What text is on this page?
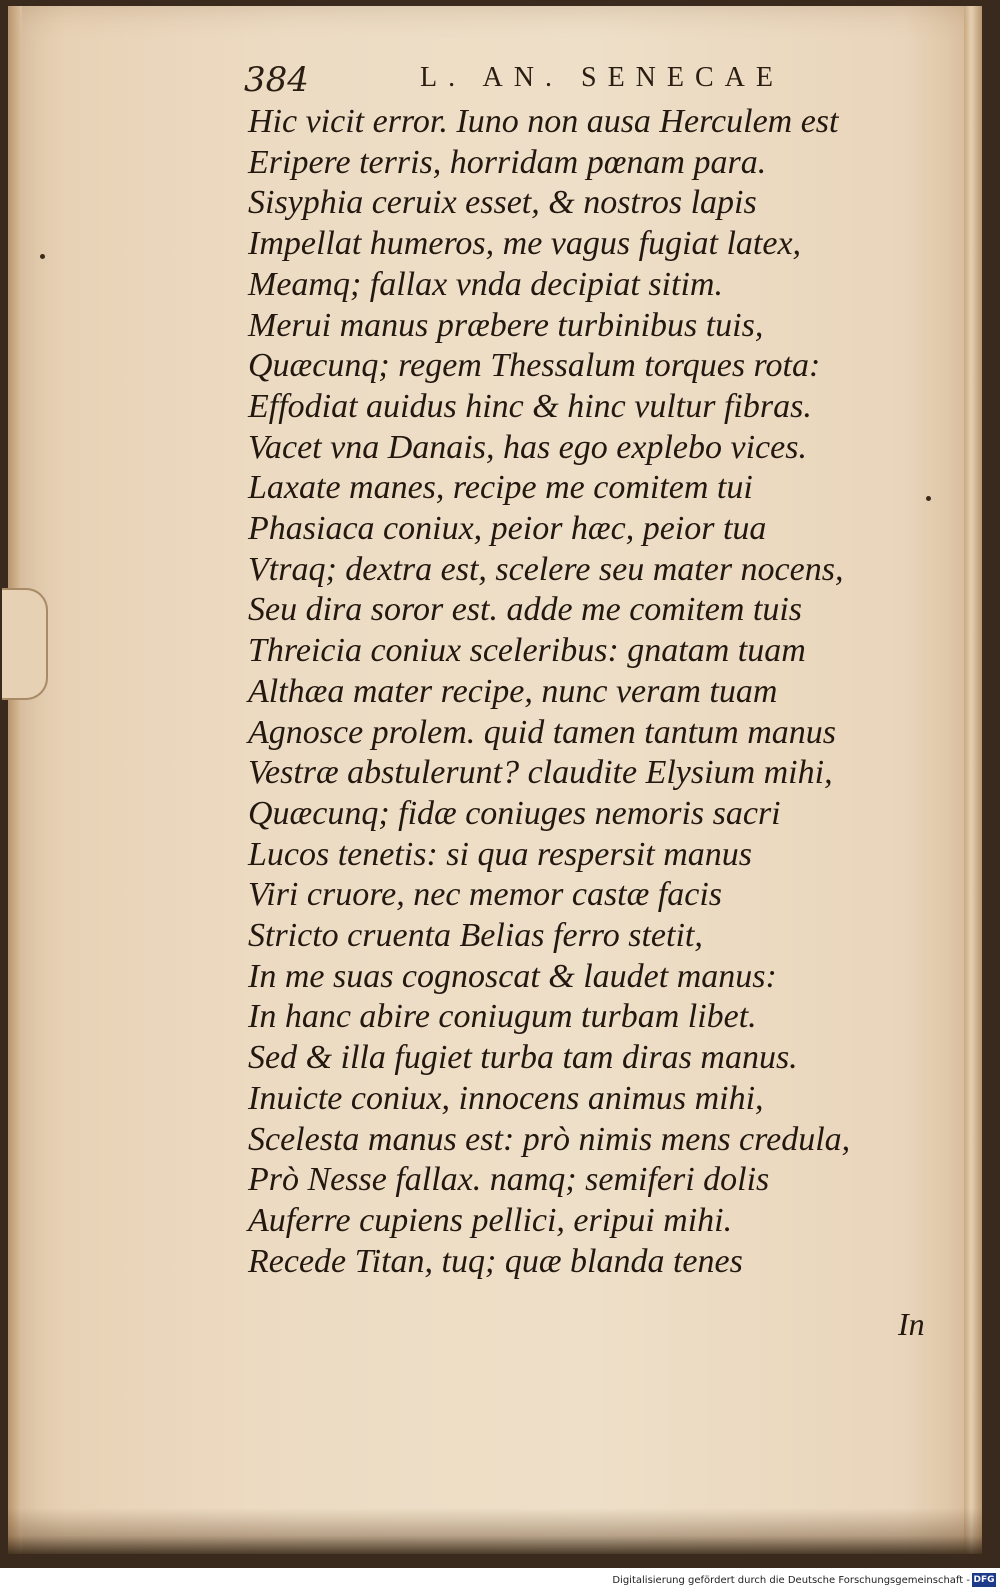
384	L. AN. SENECAE
Hic vicit error. Iuno non ausa Herculem est
Eripere terris, horridam pœnam para.
Sisyphia ceruix esset, & nostros lapis
Impellat humeros, me vagus fugiat latex,
Meamq; fallax vnda decipiat sitim.
Merui manus præbere turbinibus tuis,
Quæcunq; regem Thessalum torques rota:
Effodiat auidus hinc & hinc vultur fibras.
Vacet vna Danais, has ego explebo vices.
Laxate manes, recipe me comitem tui
Phasiaca coniux, peior hæc, peior tua
Vtraq; dextra est, scelere seu mater nocens,
Seu dira soror est. adde me comitem tuis
Threicia coniux sceleribus: gnatam tuam
Althæa mater recipe, nunc veram tuam
Agnosce prolem. quid tamen tantum manus
Vestræ abstulerunt? claudite Elysium mihi,
Quæcunq; fidæ coniuges nemoris sacri
Lucos tenetis: si qua respersit manus
Viri cruore, nec memor castæ facis
Stricto cruenta Belias ferro stetit,
In me suas cognoscat & laudet manus:
In hanc abire coniugum turbam libet.
Sed & illa fugiet turba tam diras manus.
Inuicte coniux, innocens animus mihi,
Scelesta manus est: prò nimis mens credula,
Prò Nesse fallax. namq; semiferi dolis
Auferre cupiens pellici, eripui mihi.
Recede Titan, tuq; quæ blanda tenes
In
Digitalisierung gefördert durch die Deutsche Forschungsgemeinschaft - DFG
